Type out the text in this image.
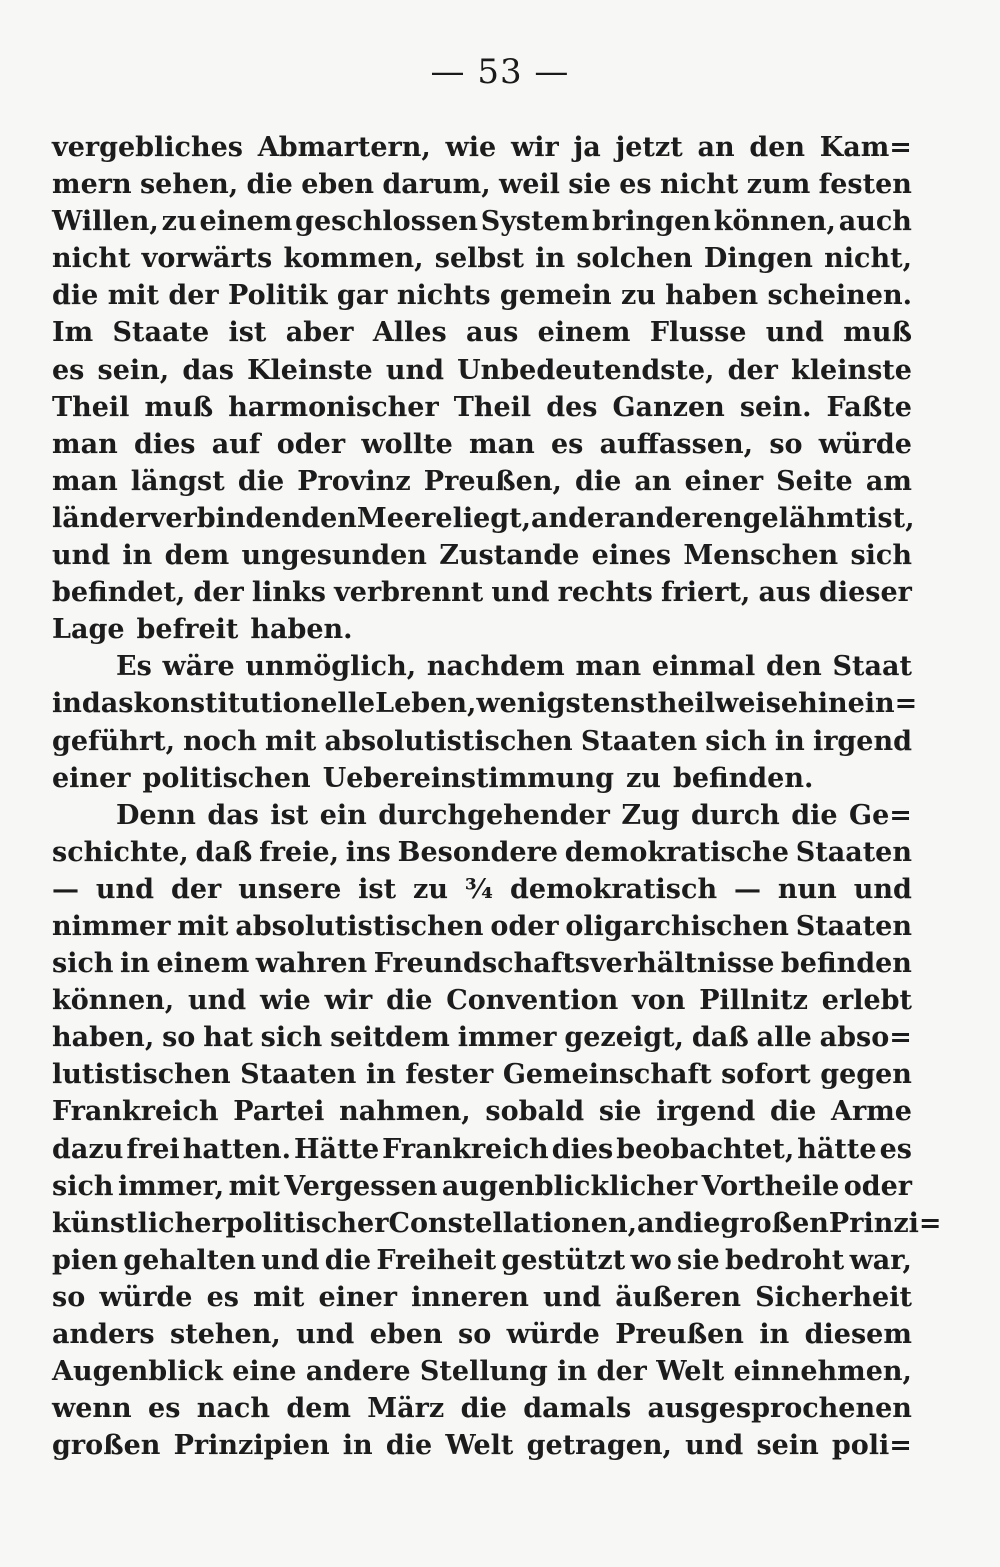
— 53 —
vergebliches Abmartern, wie wir ja jetzt an den Kam=
mern sehen, die eben darum, weil sie es nicht zum festen
Willen, zu einem geschlossen System bringen können, auch
nicht vorwärts kommen, selbst in solchen Dingen nicht,
die mit der Politik gar nichts gemein zu haben scheinen.
Im Staate ist aber Alles aus einem Flusse und muß
es sein, das Kleinste und Unbedeutendste, der kleinste
Theil muß harmonischer Theil des Ganzen sein. Faßte
man dies auf oder wollte man es auffassen, so würde
man längst die Provinz Preußen, die an einer Seite am
länderverbindenden Meere liegt, an der anderen gelähmt ist,
und in dem ungesunden Zustande eines Menschen sich
befindet, der links verbrennt und rechts friert, aus dieser
Lage befreit haben.
Es wäre unmöglich, nachdem man einmal den Staat
in das konstitutionelle Leben, wenigstens theilweise hinein=
geführt, noch mit absolutistischen Staaten sich in irgend
einer politischen Uebereinstimmung zu befinden.
Denn das ist ein durchgehender Zug durch die Ge=
schichte, daß freie, ins Besondere demokratische Staaten
— und der unsere ist zu ¾ demokratisch — nun und
nimmer mit absolutistischen oder oligarchischen Staaten
sich in einem wahren Freundschaftsverhältnisse befinden
können, und wie wir die Convention von Pillnitz erlebt
haben, so hat sich seitdem immer gezeigt, daß alle abso=
lutistischen Staaten in fester Gemeinschaft sofort gegen
Frankreich Partei nahmen, sobald sie irgend die Arme
dazu frei hatten. Hätte Frankreich dies beobachtet, hätte es
sich immer, mit Vergessen augenblicklicher Vortheile oder
künstlicher politischer Constellationen, an die großen Prinzi=
pien gehalten und die Freiheit gestützt wo sie bedroht war,
so würde es mit einer inneren und äußeren Sicherheit
anders stehen, und eben so würde Preußen in diesem
Augenblick eine andere Stellung in der Welt einnehmen,
wenn es nach dem März die damals ausgesprochenen
großen Prinzipien in die Welt getragen, und sein poli=
